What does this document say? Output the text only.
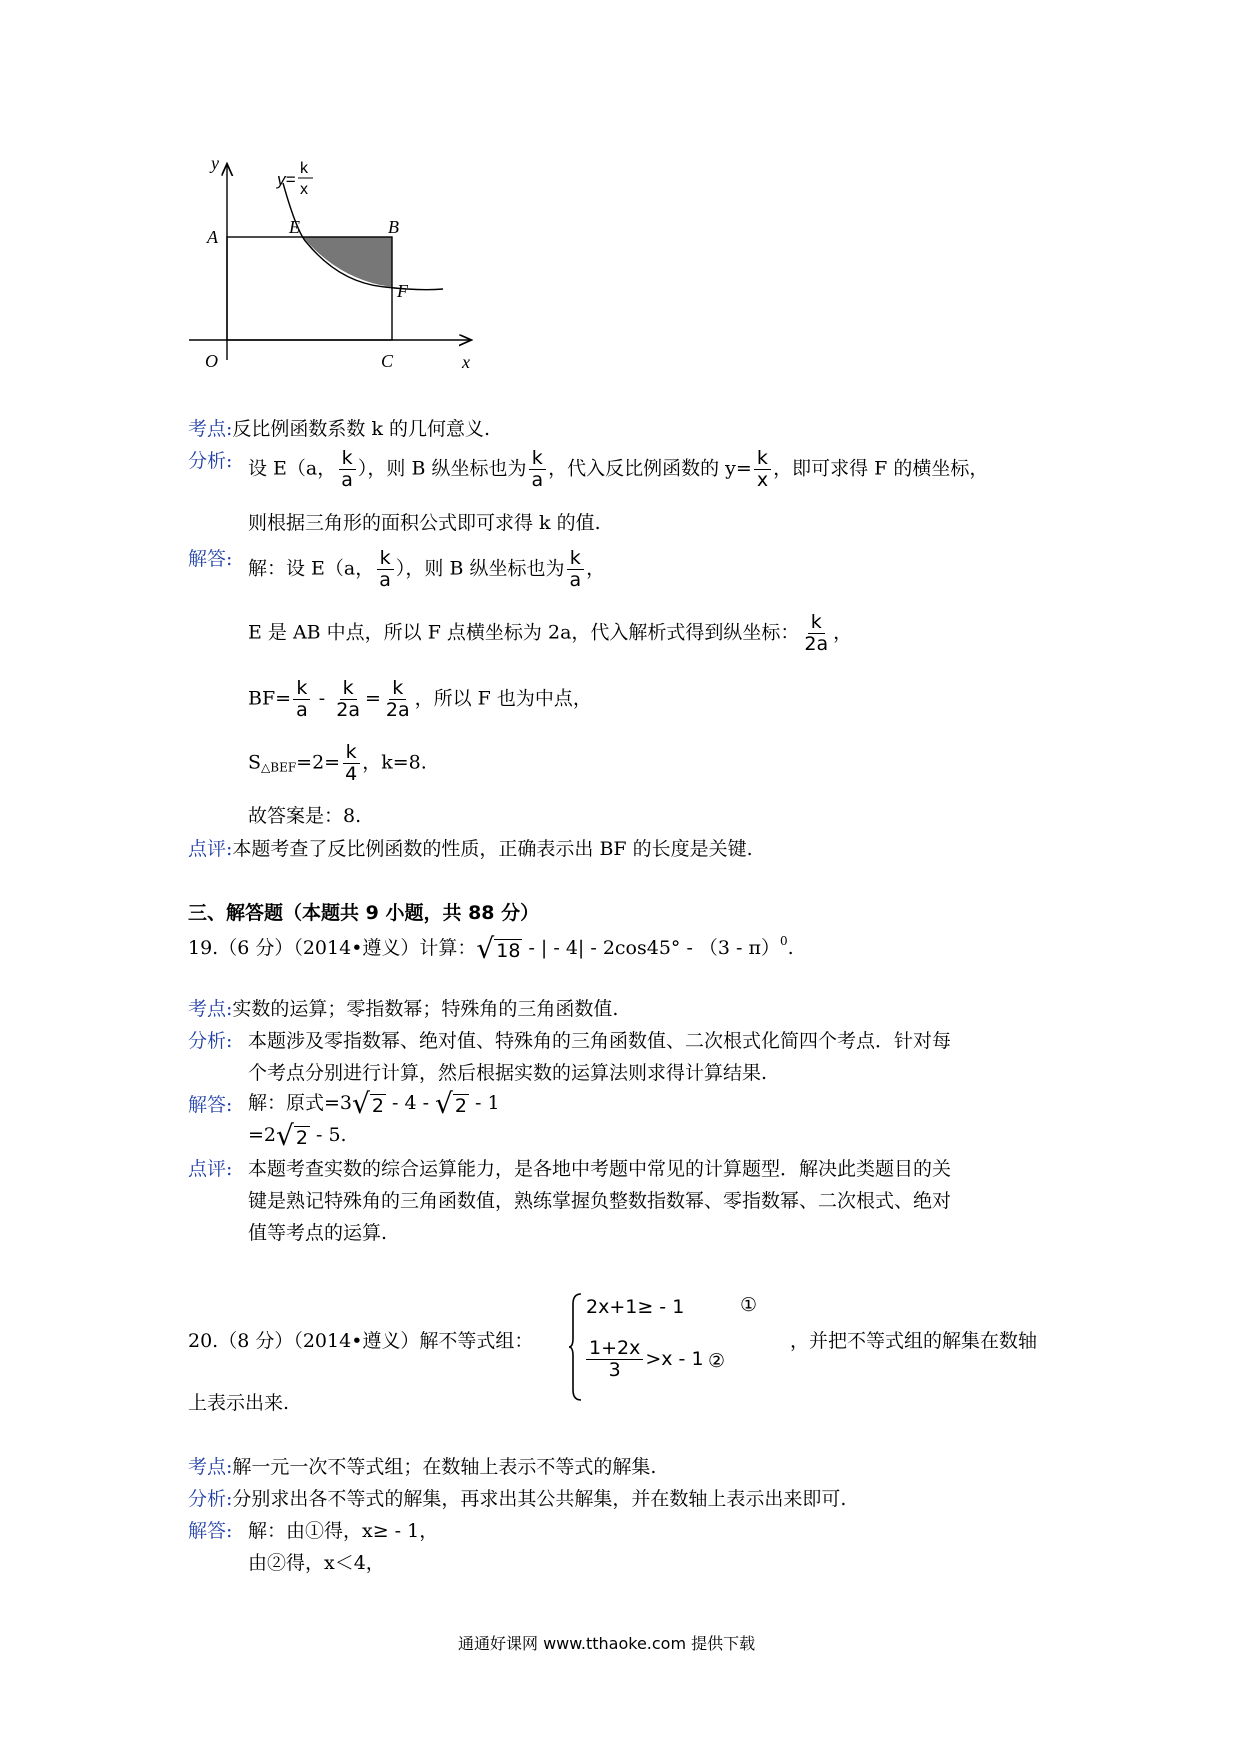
y
x
A	E	B
F
O	C
y=
k
x
考点:反比例函数系数 k 的几何意义.
分析: 设 E（a， $\frac{k}{a}$ ），则 B 纵坐标也为 $\frac{k}{a}$ ，代入反比例函数的 $y= \frac{k}{x}$ ，即可求得 F 的横坐标，
则根据三角形的面积公式即可求得 k 的值.
解答: 解：设 E（a， $\frac{k}{a}$ ），则 B 纵坐标也为 $\frac{k}{a}$ ，
E 是 AB 中点，所以 F 点横坐标为 2a，代入解析式得到纵坐标： $\frac{k}{2a}$ ，
$BF= \frac{k}{a} - \frac{k}{2a} = \frac{k}{2a}$ ，所以 F 也为中点，
$S_{\triangle BEF}=2= \frac{k}{4}$ ，k=8.
故答案是：8.
点评:本题考查了反比例函数的性质，正确表示出 BF 的长度是关键.
三、解答题（本题共 9 小题，共 88 分）
19.（6 分）（2014•遵义）计算： √ 18 - | - 4| - 2cos45° - （3 - π）$^0$.
考点:实数的运算；零指数幂；特殊角的三角函数值.
分析: 本题涉及零指数幂、绝对值、特殊角的三角函数值、二次根式化简四个考点．针对每
个考点分别进行计算，然后根据实数的运算法则求得计算结果.
解答: 解：原式=3 √ 2 - 4 - √ 2 - 1
=2 √ 2 - 5.
点评: 本题考查实数的综合运算能力，是各地中考题中常见的计算题型．解决此类题目的关
键是熟记特殊角的三角函数值，熟练掌握负整数指数幂、零指数幂、二次根式、绝对
值等考点的运算.
20.（8 分）（2014•遵义）解不等式组：
2x+1≥ - 1	①
$\frac{1+2x}{3} >x - 1$ ②
，并把不等式组的解集在数轴
上表示出来.
考点:解一元一次不等式组；在数轴上表示不等式的解集.
分析:分别求出各不等式的解集，再求出其公共解集，并在数轴上表示出来即可.
解答: 解：由①得，x≥ - 1，
由②得，x＜4，
通通好课网 www.tthaoke.com 提供下载
